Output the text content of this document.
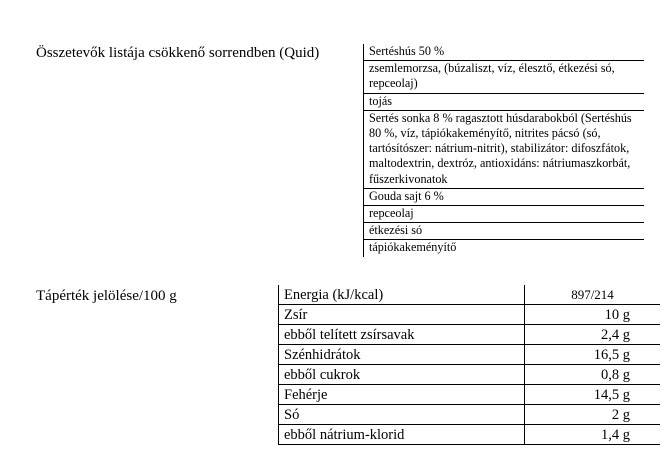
Összetevők listája csökkenő sorrendben (Quid)	Sertéshús 50 %
zsemlemorzsa, (búzaliszt, víz, élesztő, étkezési só, repceolaj)
tojás
Sertés sonka 8 % ragasztott húsdarabokból (Sertéshús 80 %, víz, tápiókakeményítő, nitrites pácsó (só, tartósítószer: nátrium-nitrit), stabilizátor: difoszfátok, maltodextrin, dextróz, antioxidáns: nátriumaszkorbát, fűszerkivonatok
Gouda sajt 6 %
repceolaj
étkezési só
tápiókakeményítő
Tápérték jelölése/100 g	Energia (kJ/kcal)	897/214
Zsír	10 g
ebből telített zsírsavak	2,4 g
Szénhidrátok	16,5 g
ebből cukrok	0,8 g
Fehérje	14,5 g
Só	2 g
ebből nátrium-klorid	1,4 g
